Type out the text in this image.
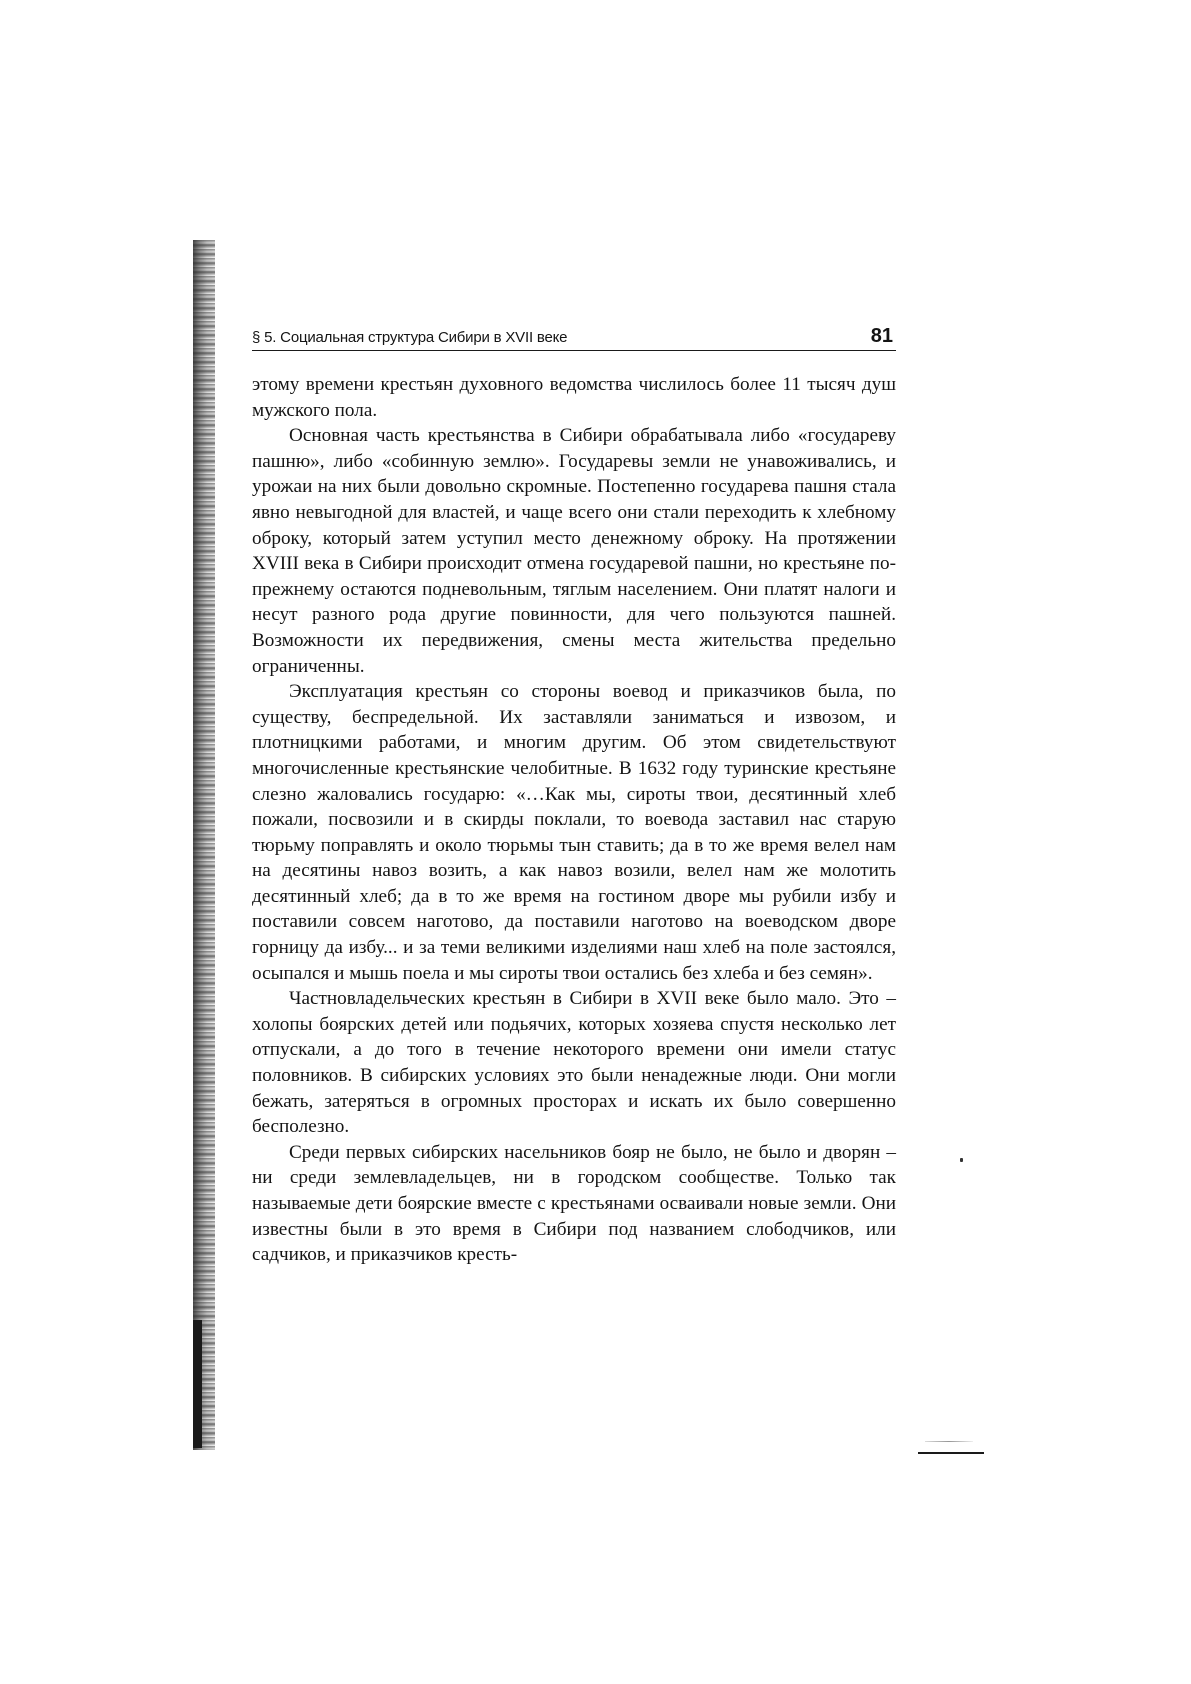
§ 5. Социальная структура Сибири в XVII веке	81

этому времени крестьян духовного ведомства числилось более 11 тысяч душ мужского пола.

Основная часть крестьянства в Сибири обрабатывала либо «государеву пашню», либо «собинную землю». Государевы земли не унавоживались, и урожаи на них были довольно скромные. Постепенно государева пашня стала явно невыгодной для властей, и чаще всего они стали переходить к хлебному оброку, который затем уступил место денежному оброку. На протяжении XVIII века в Сибири происходит отмена государевой пашни, но крестьяне по-прежнему остаются подневольным, тяглым населением. Они платят налоги и несут разного рода другие повинности, для чего пользуются пашней. Возможности их передвижения, смены места жительства предельно ограниченны.

Эксплуатация крестьян со стороны воевод и приказчиков была, по существу, беспредельной. Их заставляли заниматься и извозом, и плотницкими работами, и многим другим. Об этом свидетельствуют многочисленные крестьянские челобитные. В 1632 году туринские крестьяне слезно жаловались государю: «…Как мы, сироты твои, десятинный хлеб пожали, посвозили и в скирды поклали, то воевода заставил нас старую тюрьму поправлять и около тюрьмы тын ставить; да в то же время велел нам на десятины навоз возить, а как навоз возили, велел нам же молотить десятинный хлеб; да в то же время на гостином дворе мы рубили избу и поставили совсем наготово, да поставили наготово на воеводском дворе горницу да избу... и за теми великими изделиями наш хлеб на поле застоялся, осыпался и мышь поела и мы сироты твои остались без хлеба и без семян».

Частновладельческих крестьян в Сибири в XVII веке было мало. Это – холопы боярских детей или подьячих, которых хозяева спустя несколько лет отпускали, а до того в течение некоторого времени они имели статус половников. В сибирских условиях это были ненадежные люди. Они могли бежать, затеряться в огромных просторах и искать их было совершенно бесполезно.

Среди первых сибирских насельников бояр не было, не было и дворян – ни среди землевладельцев, ни в городском сообществе. Только так называемые дети боярские вместе с крестьянами осваивали новые земли. Они известны были в это время в Сибири под названием слободчиков, или садчиков, и приказчиков кресть-
